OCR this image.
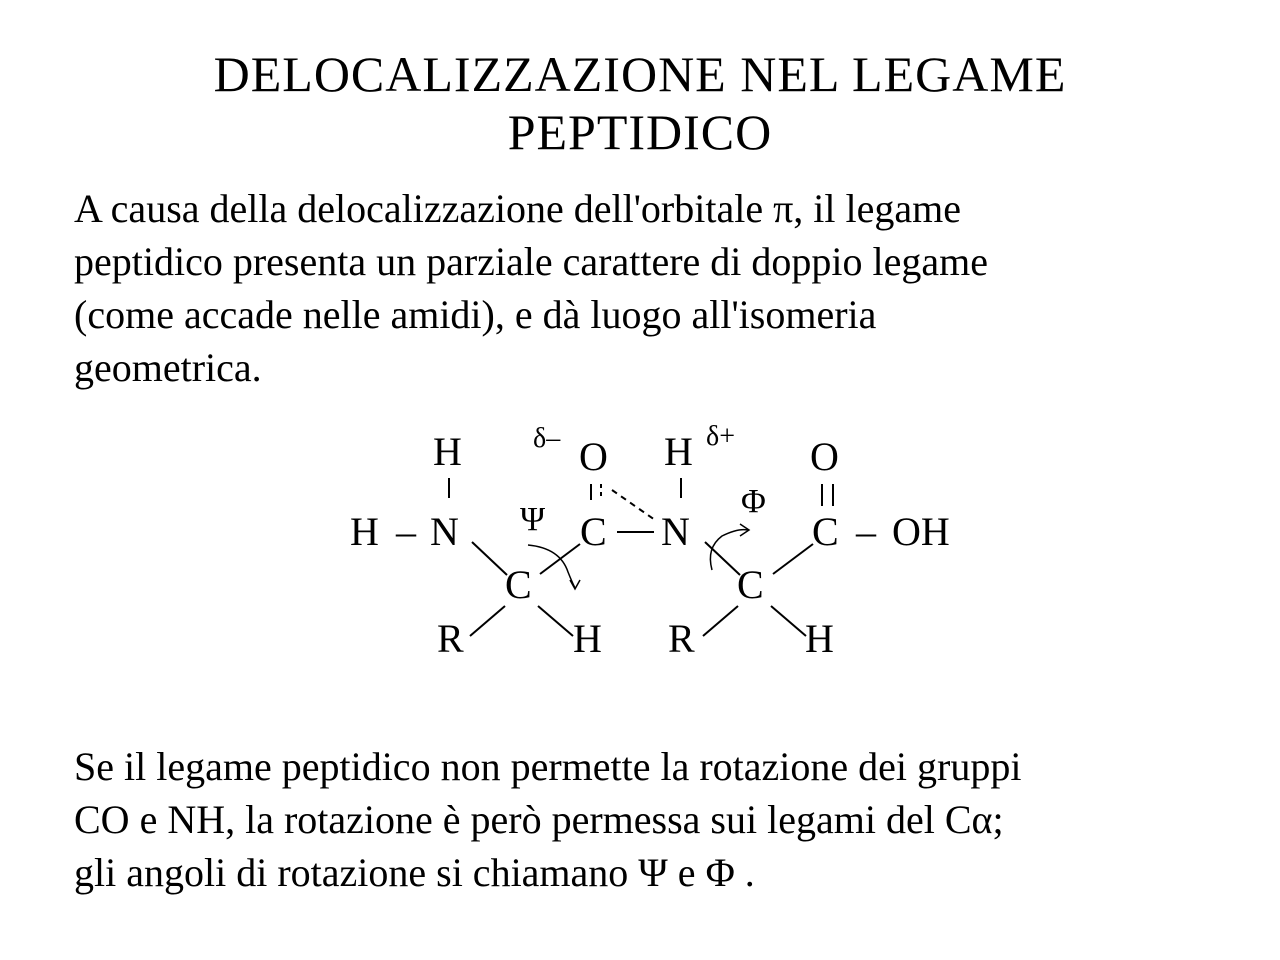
DELOCALIZZAZIONE NEL LEGAME
PEPTIDICO

A causa della delocalizzazione dell'orbitale π, il legame
peptidico presenta un parziale carattere di doppio legame
(come accade nelle amidi), e dà luogo all'isomeria
geometrica.

H
H – N
C
R	H
O
C N
H
C
R	H
O
C – OH
Ψ	Φ
δ–	δ+

Se il legame peptidico non permette la rotazione dei gruppi
CO e NH, la rotazione è però permessa sui legami del Cα;
gli angoli di rotazione si chiamano Ψ e Φ .
